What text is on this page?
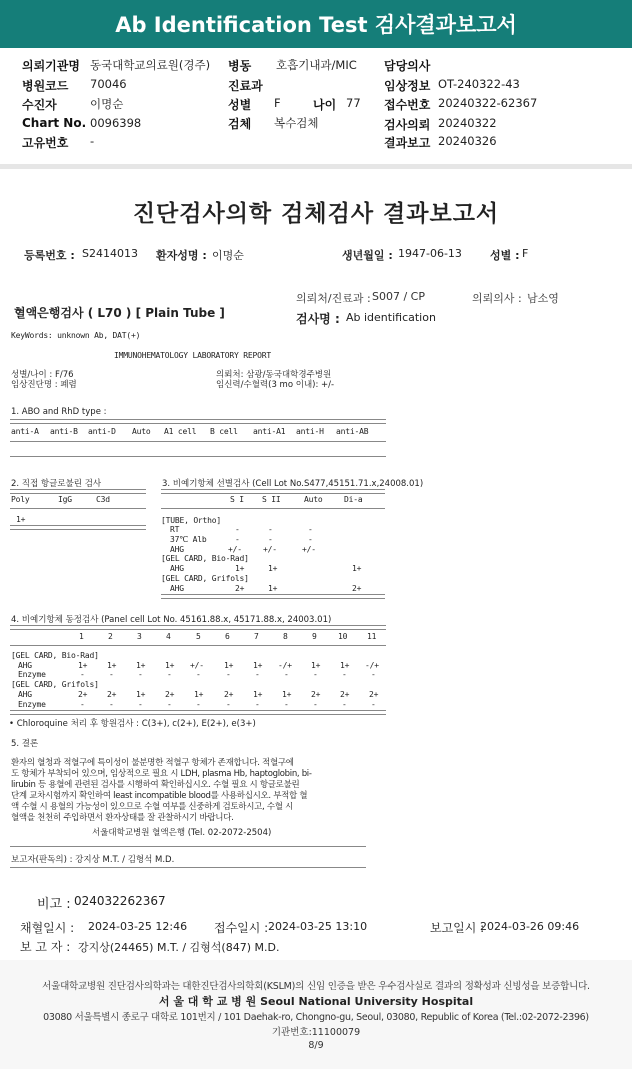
Ab Identification Test 검사결과보고서
의뢰기관명 동국대학교의료원(경주) 병동 호흡기내과/MIC 담당의사
병원코드 70046	진료과	임상정보 OT-240322-43
수진자	이명순	성별 F	나이 77 접수번호 20240322-62367
Chart No. 0096398	검체 복수검체	검사의뢰 20240322
고유번호 -	결과보고 20240326
진단검사의학 검체검사 결과보고서
등록번호 : S2414013 환자성명 : 이명순	생년월일 : 1947-06-13	성별 : F
의뢰처/진료과 : S007 / CP	의뢰의사 : 남소영
혈액은행검사 ( L70 ) [ Plain Tube ]	검사명 : Ab identification
KeyWords: unknown Ab, DAT(+)
IMMUNOHEMATOLOGY LABORATORY REPORT
성별/나이 : F/76
임상진단명 : 폐렴
의뢰처: 삼광/동국대학경주병원
임신력/수혈력(3 mo 이내): +/-
1. ABO and RhD type :
anti-A anti-B anti-D Auto A1 cell B cell anti-A1 anti-H anti-AB
2. 직접 항글로불린 검사
Poly	IgG	C3d
1+
3. 비예기항체 선별검사 (Cell Lot No.S477,45151.71.x,24008.01)
S I S II	Auto	Di-a
[TUBE, Ortho]
RT	-	-	-
37℃ Alb	-	-	-
AHG	+/-	+/-	+/-
[GEL CARD, Bio-Rad]
AHG	1+	1+	1+
[GEL CARD, Grifols]
AHG	2+	1+	2+
4. 비예기항체 동정검사 (Panel cell Lot No. 45161.88.x, 45171.88.x, 24003.01)
1	2	3	4	5	6	7	8	9	10 11
[GEL CARD, Bio-Rad]
AHG	1+ 1+ 1+ 1+ +/-	1+ 1+ -/+ 1+ 1+ -/+
Enzyme	-	-	-	-	-	-	-	-	-	-	-
[GEL CARD, Grifols]
AHG	2+ 2+ 1+ 2+ 1+	2+ 1+ 1+ 2+ 2+ 2+
Enzyme	-	-	-	-	-	-	-	-	-	-	-
• Chloroquine 처리 후 항원검사 : C(3+), c(2+), E(2+), e(3+)
5. 결론
환자의 혈청과 적혈구에 특이성이 불분명한 적혈구 항체가 존재합니다. 적혈구에
도 항체가 부착되어 있으며, 임상적으로 필요 시 LDH, plasma Hb, haptoglobin, bi-
lirubin 등 용혈에 관련된 검사를 시행하여 확인하십시오. 수혈 필요 시 항글로불린
단계 교차시험까지 확인하여 least incompatible blood를 사용하십시오. 부적합 혈
액 수혈 시 용혈의 가능성이 있으므로 수혈 여부를 신중하게 검토하시고, 수혈 시
혈액을 천천히 주입하면서 환자상태를 잘 관찰하시기 바랍니다.
서울대학교병원 혈액은행 (Tel. 02-2072-2504)
보고자(판독의) : 강지상 M.T. / 김형석 M.D.
비고 : 024032262367
채혈일시 : 2024-03-25 12:46 접수일시 : 2024-03-25 13:10	보고일시 :
2024-03-26 09:46
보 고 자 : 강지상(24465) M.T. / 김형석(847) M.D.
서울대학교병원 진단검사의학과는 대한진단검사의학회(KSLM)의 신임 인증을 받은 우수검사실로 결과의 정확성과 신빙성을 보증합니다.
서 울 대 학 교 병 원 Seoul National University Hospital
03080 서울특별시 종로구 대학로 101번지 / 101 Daehak-ro, Chongno-gu, Seoul, 03080, Republic of Korea (Tel.:02-2072-2396)
기관번호:11100079
8/9
